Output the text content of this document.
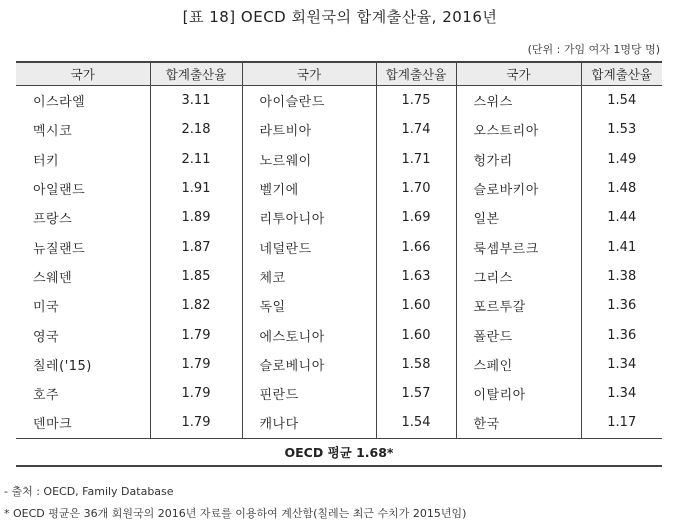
[표 18] OECD 회원국의 합계출산율, 2016년
(단위 : 가임 여자 1명당 명)
국가	합계출산율	국가	합계출산율	국가	합계출산율
이스라엘	3.11	아이슬란드	1.75	스위스	1.54
멕시코	2.18	라트비아	1.74	오스트리아	1.53
터키	2.11	노르웨이	1.71	헝가리	1.49
아일랜드	1.91	벨기에	1.70	슬로바키아	1.48
프랑스	1.89	리투아니아	1.69	일본	1.44
뉴질랜드	1.87	네덜란드	1.66	룩셈부르크	1.41
스웨덴	1.85	체코	1.63	그리스	1.38
미국	1.82	독일	1.60	포르투갈	1.36
영국	1.79	에스토니아	1.60	폴란드	1.36
칠레('15)	1.79	슬로베니아	1.58	스페인	1.34
호주	1.79	핀란드	1.57	이탈리아	1.34
덴마크	1.79	캐나다	1.54	한국	1.17
OECD 평균 1.68*					
- 출처 : OECD, Family Database
* OECD 평균은 36개 회원국의 2016년 자료를 이용하여 계산함(칠레는 최근 수치가 2015년임)
